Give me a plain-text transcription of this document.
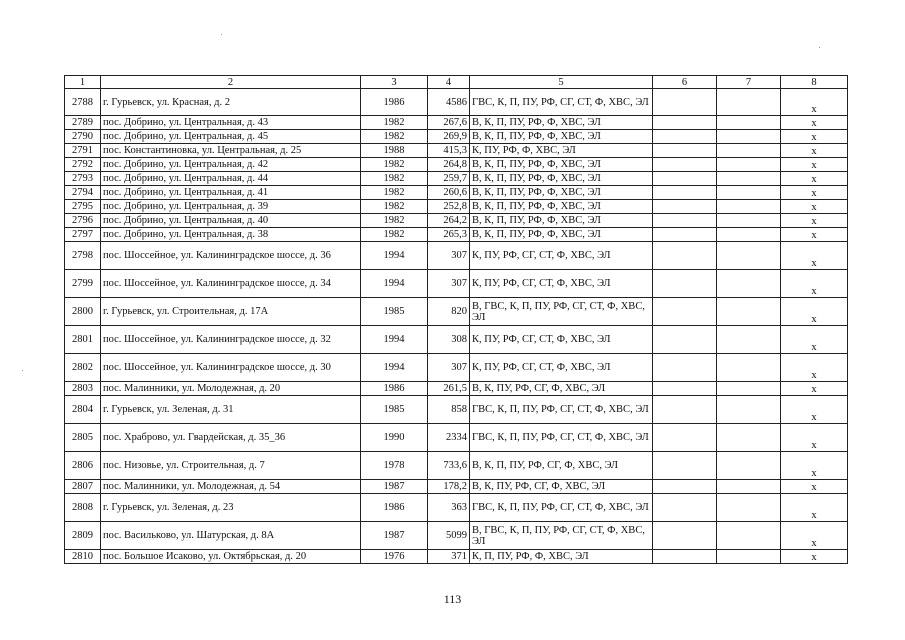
1	2	3	4	5	6	7	8
2788	г. Гурьевск, ул. Красная, д. 2	1986	4586	ГВС, К, П, ПУ, РФ, СГ, СТ, Ф, ХВС, ЭЛ			х
2789	пос. Добрино, ул. Центральная, д. 43	1982	267,6	В, К, П, ПУ, РФ, Ф, ХВС, ЭЛ			х
2790	пос. Добрино, ул. Центральная, д. 45	1982	269,9	В, К, П, ПУ, РФ, Ф, ХВС, ЭЛ			х
2791	пос. Константиновка, ул. Центральная, д. 25	1988	415,3	К, ПУ, РФ, Ф, ХВС, ЭЛ			х
2792	пос. Добрино, ул. Центральная, д. 42	1982	264,8	В, К, П, ПУ, РФ, Ф, ХВС, ЭЛ			х
2793	пос. Добрино, ул. Центральная, д. 44	1982	259,7	В, К, П, ПУ, РФ, Ф, ХВС, ЭЛ			х
2794	пос. Добрино, ул. Центральная, д. 41	1982	260,6	В, К, П, ПУ, РФ, Ф, ХВС, ЭЛ			х
2795	пос. Добрино, ул. Центральная, д. 39	1982	252,8	В, К, П, ПУ, РФ, Ф, ХВС, ЭЛ			х
2796	пос. Добрино, ул. Центральная, д. 40	1982	264,2	В, К, П, ПУ, РФ, Ф, ХВС, ЭЛ			х
2797	пос. Добрино, ул. Центральная, д. 38	1982	265,3	В, К, П, ПУ, РФ, Ф, ХВС, ЭЛ			х
2798	пос. Шоссейное, ул. Калининградское шоссе, д. 36	1994	307	К, ПУ, РФ, СГ, СТ, Ф, ХВС, ЭЛ			х
2799	пос. Шоссейное, ул. Калининградское шоссе, д. 34	1994	307	К, ПУ, РФ, СГ, СТ, Ф, ХВС, ЭЛ			х
2800	г. Гурьевск, ул. Строительная, д. 17А	1985	820	В, ГВС, К, П, ПУ, РФ, СГ, СТ, Ф, ХВС, ЭЛ			х
2801	пос. Шоссейное, ул. Калининградское шоссе, д. 32	1994	308	К, ПУ, РФ, СГ, СТ, Ф, ХВС, ЭЛ			х
2802	пос. Шоссейное, ул. Калининградское шоссе, д. 30	1994	307	К, ПУ, РФ, СГ, СТ, Ф, ХВС, ЭЛ			х
2803	пос. Малинники, ул. Молодежная, д. 20	1986	261,5	В, К, ПУ, РФ, СГ, Ф, ХВС, ЭЛ			х
2804	г. Гурьевск, ул. Зеленая, д. 31	1985	858	ГВС, К, П, ПУ, РФ, СГ, СТ, Ф, ХВС, ЭЛ			х
2805	пос. Храброво, ул. Гвардейская, д. 35_36	1990	2334	ГВС, К, П, ПУ, РФ, СГ, СТ, Ф, ХВС, ЭЛ			х
2806	пос. Низовье, ул. Строительная, д. 7	1978	733,6	В, К, П, ПУ, РФ, СГ, Ф, ХВС, ЭЛ			х
2807	пос. Малинники, ул. Молодежная, д. 54	1987	178,2	В, К, ПУ, РФ, СГ, Ф, ХВС, ЭЛ			х
2808	г. Гурьевск, ул. Зеленая, д. 23	1986	363	ГВС, К, П, ПУ, РФ, СГ, СТ, Ф, ХВС, ЭЛ			х
2809	пос. Васильково, ул. Шатурская, д. 8А	1987	5099	В, ГВС, К, П, ПУ, РФ, СГ, СТ, Ф, ХВС, ЭЛ			х
2810	пос. Большое Исаково, ул. Октябрьская, д. 20	1976	371	К, П, ПУ, РФ, Ф, ХВС, ЭЛ			х
113
